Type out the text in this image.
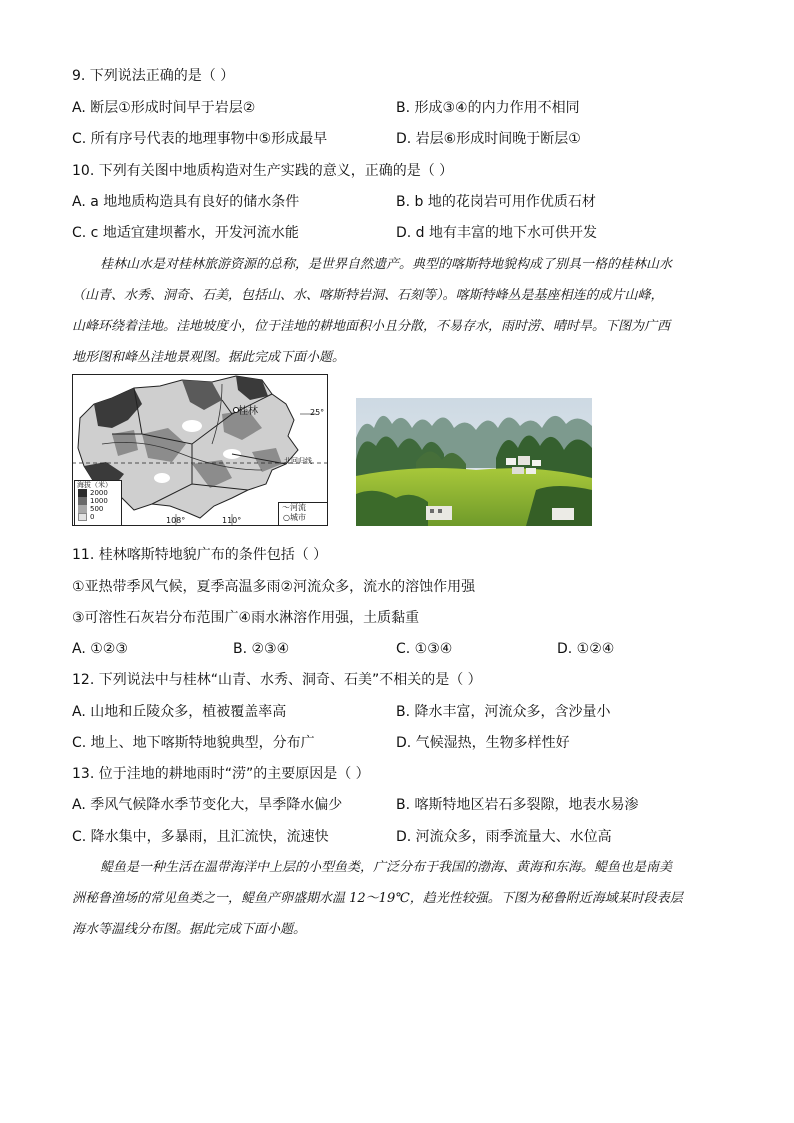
9. 下列说法正确的是（ ）
A. 断层①形成时间早于岩层②	B. 形成③④的内力作用不相同
C. 所有序号代表的地理事物中⑤形成最早	D. 岩层⑥形成时间晚于断层①
10. 下列有关图中地质构造对生产实践的意义，正确的是（ ）
A. a 地地质构造具有良好的储水条件	B. b 地的花岗岩可用作优质石材
C. c 地适宜建坝蓄水，开发河流水能	D. d 地有丰富的地下水可供开发
桂林山水是对桂林旅游资源的总称，是世界自然遗产。典型的喀斯特地貌构成了别具一格的桂林山水
（山青、水秀、洞奇、石美，包括山、水、喀斯特岩洞、石刻等）。喀斯特峰丛是基座相连的成片山峰，
山峰环绕着洼地。洼地坡度小，位于洼地的耕地面积小且分散，不易存水，雨时涝、晴时旱。下图为广西
地形图和峰丛洼地景观图。据此完成下面小题。
桂林	25°
北回归线
108°	110°
海拔（米）
2000
1000
500
0
〜河流
○城市
11. 桂林喀斯特地貌广布的条件包括（ ）
①亚热带季风气候，夏季高温多雨②河流众多，流水的溶蚀作用强
③可溶性石灰岩分布范围广④雨水淋溶作用强，土质黏重
A. ①②③	B. ②③④	C. ①③④	D. ①②④
12. 下列说法中与桂林“山青、水秀、洞奇、石美”不相关的是（ ）
A. 山地和丘陵众多，植被覆盖率高	B. 降水丰富，河流众多，含沙量小
C. 地上、地下喀斯特地貌典型，分布广	D. 气候湿热，生物多样性好
13. 位于洼地的耕地雨时“涝”的主要原因是（ ）
A. 季风气候降水季节变化大，旱季降水偏少	B. 喀斯特地区岩石多裂隙，地表水易渗
C. 降水集中，多暴雨，且汇流快，流速快	D. 河流众多，雨季流量大、水位高
鳀鱼是一种生活在温带海洋中上层的小型鱼类，广泛分布于我国的渤海、黄海和东海。鳀鱼也是南美
洲秘鲁渔场的常见鱼类之一，鳀鱼产卵盛期水温 12～19℃，趋光性较强。下图为秘鲁附近海域某时段表层
海水等温线分布图。据此完成下面小题。
